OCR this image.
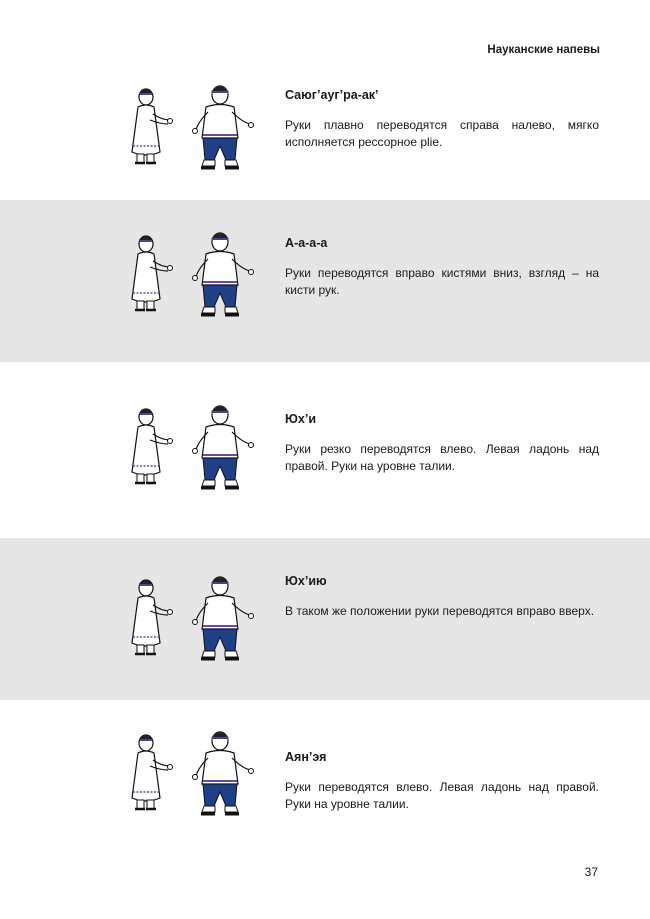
Науканские напевы
Саюг’ауг’ра-ак’

Руки плавно переводятся справа налево, мягко исполняется рессорное plie.

А-а-а-а

Руки переводятся вправо кистями вниз, взгляд – на кисти рук.

Юх’и

Руки резко переводятся влево. Левая ладонь над правой. Руки на уровне талии.

Юх’ию

В таком же положении руки переводятся вправо вверх.

Аян’эя

Руки переводятся влево. Левая ладонь над правой. Руки на уровне талии.

37
